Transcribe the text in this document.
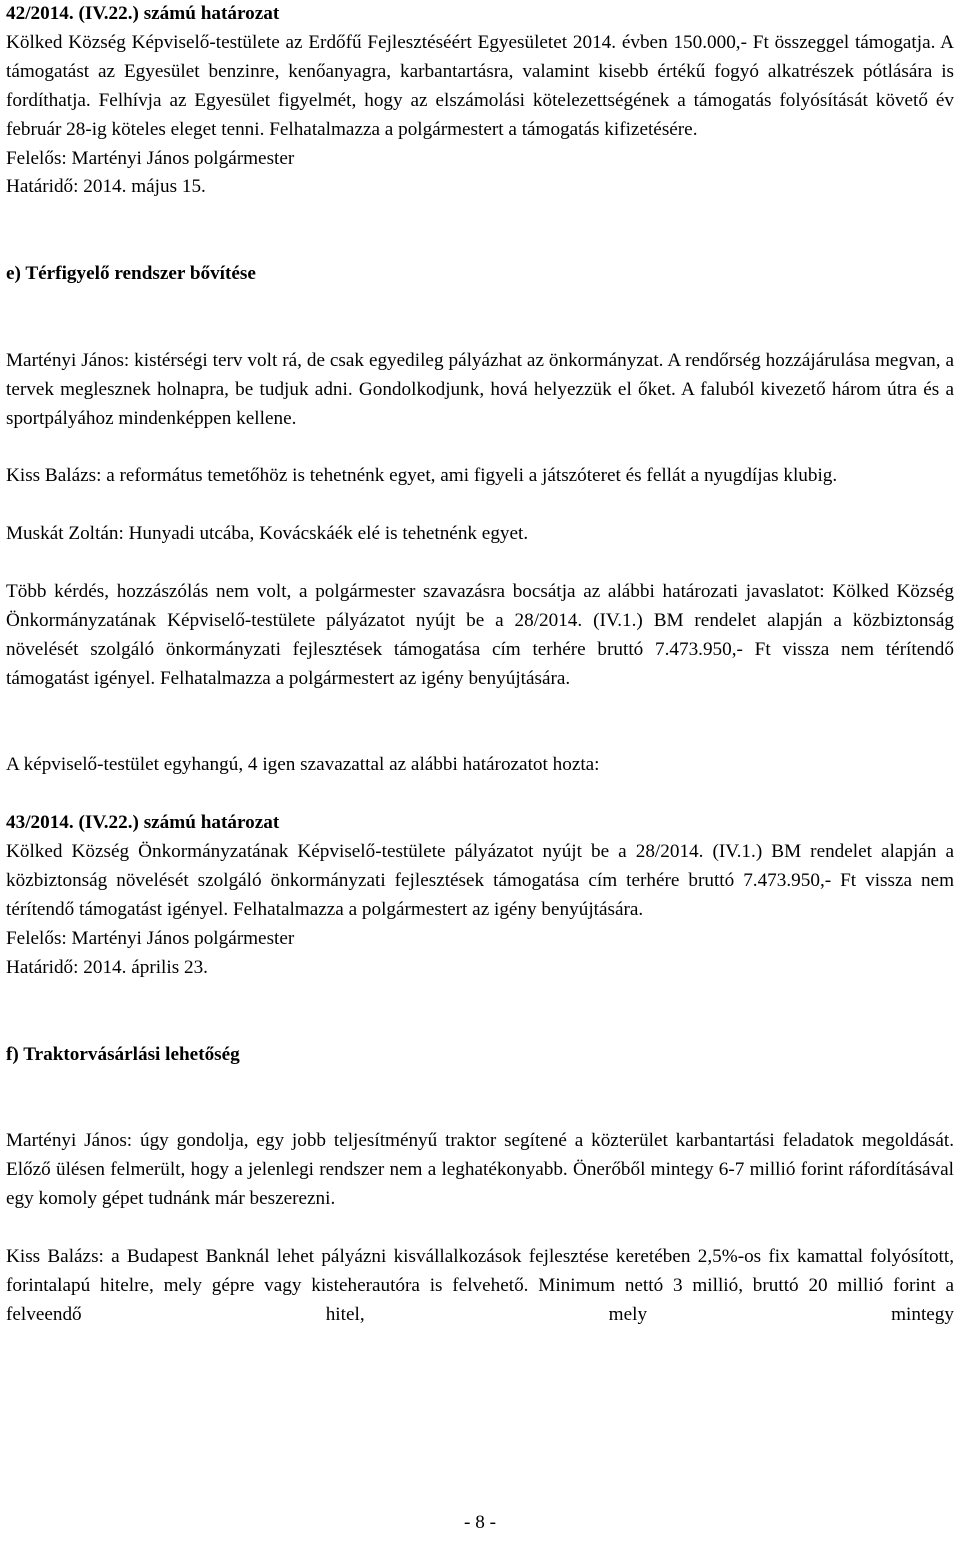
42/2014. (IV.22.) számú határozat
Kölked Község Képviselő-testülete az Erdőfű Fejlesztéséért Egyesületet 2014. évben 150.000,- Ft összeggel támogatja. A támogatást az Egyesület benzinre, kenőanyagra, karbantartásra, valamint kisebb értékű fogyó alkatrészek pótlására is fordíthatja. Felhívja az Egyesület figyelmét, hogy az elszámolási kötelezettségének a támogatás folyósítását követő év február 28-ig köteles eleget tenni. Felhatalmazza a polgármestert a támogatás kifizetésére.
Felelős: Martényi János polgármester
Határidő: 2014. május 15.
e) Térfigyelő rendszer bővítése
Martényi János: kistérségi terv volt rá, de csak egyedileg pályázhat az önkormányzat. A rendőrség hozzájárulása megvan, a tervek meglesznek holnapra, be tudjuk adni. Gondolkodjunk, hová helyezzük el őket. A faluból kivezető három útra és a sportpályához mindenképpen kellene.
Kiss Balázs: a református temetőhöz is tehetnénk egyet, ami figyeli a játszóteret és fellát a nyugdíjas klubig.
Muskát Zoltán: Hunyadi utcába, Kovácskáék elé is tehetnénk egyet.
Több kérdés, hozzászólás nem volt, a polgármester szavazásra bocsátja az alábbi határozati javaslatot: Kölked Község Önkormányzatának Képviselő-testülete pályázatot nyújt be a 28/2014. (IV.1.) BM rendelet alapján a közbiztonság növelését szolgáló önkormányzati fejlesztések támogatása cím terhére bruttó 7.473.950,- Ft vissza nem térítendő támogatást igényel. Felhatalmazza a polgármestert az igény benyújtására.
A képviselő-testület egyhangú, 4 igen szavazattal az alábbi határozatot hozta:
43/2014. (IV.22.) számú határozat
Kölked Község Önkormányzatának Képviselő-testülete pályázatot nyújt be a 28/2014. (IV.1.) BM rendelet alapján a közbiztonság növelését szolgáló önkormányzati fejlesztések támogatása cím terhére bruttó 7.473.950,- Ft vissza nem térítendő támogatást igényel. Felhatalmazza a polgármestert az igény benyújtására.
Felelős: Martényi János polgármester
Határidő: 2014. április 23.
f) Traktorvásárlási lehetőség
Martényi János: úgy gondolja, egy jobb teljesítményű traktor segítené a közterület karbantartási feladatok megoldását. Előző ülésen felmerült, hogy a jelenlegi rendszer nem a leghatékonyabb. Önerőből mintegy 6-7 millió forint ráfordításával egy komoly gépet tudnánk már beszerezni.
Kiss Balázs: a Budapest Banknál lehet pályázni kisvállalkozások fejlesztése keretében 2,5%-os fix kamattal folyósított, forintalapú hitelre, mely gépre vagy kisteherautóra is felvehető. Minimum nettó 3 millió, bruttó 20 millió forint a felveendő hitel, mely mintegy
- 8 -
